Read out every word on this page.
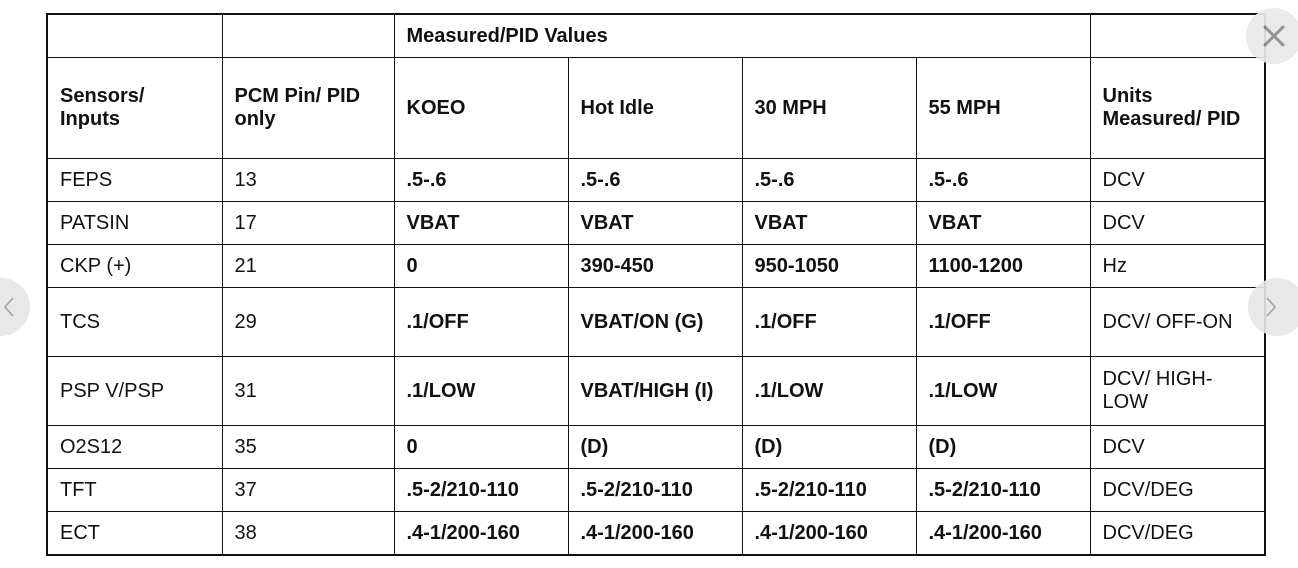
		Measured/PID Values				
Sensors/ Inputs	PCM Pin/ PID only	KOEO	Hot Idle	30 MPH	55 MPH	Units Measured/ PID
FEPS	13	.5-.6	.5-.6	.5-.6	.5-.6	DCV
PATSIN	17	VBAT	VBAT	VBAT	VBAT	DCV
CKP (+)	21	0	390-450	950-1050	1100-1200	Hz
TCS	29	.1/OFF	VBAT/ON (G)	.1/OFF	.1/OFF	DCV/ OFF-ON
PSP V/PSP	31	.1/LOW	VBAT/HIGH (I)	.1/LOW	.1/LOW	DCV/ HIGH-LOW
O2S12	35	0	(D)	(D)	(D)	DCV
TFT	37	.5-2/210-110	.5-2/210-110	.5-2/210-110	.5-2/210-110	DCV/DEG
ECT	38	.4-1/200-160	.4-1/200-160	.4-1/200-160	.4-1/200-160	DCV/DEG
